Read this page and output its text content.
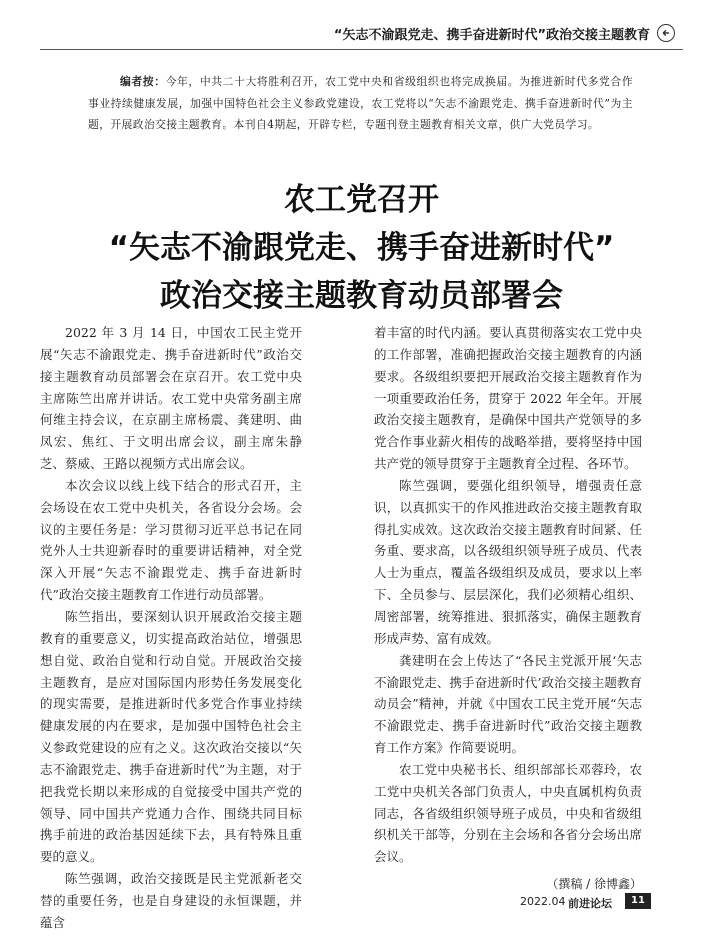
“矢志不渝跟党走、携手奋进新时代”政治交接主题教育
编者按：今年，中共二十大将胜利召开，农工党中央和省级组织也将完成换届。为推进新时代多党合作事业持续健康发展，加强中国特色社会主义参政党建设，农工党将以“矢志不渝跟党走、携手奋进新时代”为主题，开展政治交接主题教育。本刊自4期起，开辟专栏，专题刊登主题教育相关文章，供广大党员学习。
农工党召开
“矢志不渝跟党走、携手奋进新时代”
政治交接主题教育动员部署会

2022 年 3 月 14 日，中国农工民主党开展“矢志不渝跟党走、携手奋进新时代”政治交接主题教育动员部署会在京召开。农工党中央主席陈竺出席并讲话。农工党中央常务副主席何维主持会议，在京副主席杨震、龚建明、曲凤宏、焦红、于文明出席会议，副主席朱静芝、蔡威、王路以视频方式出席会议。

本次会议以线上线下结合的形式召开，主会场设在农工党中央机关，各省设分会场。会议的主要任务是：学习贯彻习近平总书记在同党外人士共迎新春时的重要讲话精神，对全党深入开展“矢志不渝跟党走、携手奋进新时代”政治交接主题教育工作进行动员部署。

陈竺指出，要深刻认识开展政治交接主题教育的重要意义，切实提高政治站位，增强思想自觉、政治自觉和行动自觉。开展政治交接主题教育，是应对国际国内形势任务发展变化的现实需要，是推进新时代多党合作事业持续健康发展的内在要求，是加强中国特色社会主义参政党建设的应有之义。这次政治交接以“矢志不渝跟党走、携手奋进新时代”为主题，对于把我党长期以来形成的自觉接受中国共产党的领导、同中国共产党通力合作、围绕共同目标携手前进的政治基因延续下去，具有特殊且重要的意义。

陈竺强调，政治交接既是民主党派新老交替的重要任务，也是自身建设的永恒课题，并蕴含

着丰富的时代内涵。要认真贯彻落实农工党中央的工作部署，准确把握政治交接主题教育的内涵要求。各级组织要把开展政治交接主题教育作为一项重要政治任务，贯穿于 2022 年全年。开展政治交接主题教育，是确保中国共产党领导的多党合作事业薪火相传的战略举措，要将坚持中国共产党的领导贯穿于主题教育全过程、各环节。

陈竺强调，要强化组织领导，增强责任意识，以真抓实干的作风推进政治交接主题教育取得扎实成效。这次政治交接主题教育时间紧、任务重、要求高，以各级组织领导班子成员、代表人士为重点，覆盖各级组织及成员，要求以上率下、全员参与、层层深化，我们必须精心组织、周密部署，统筹推进、狠抓落实，确保主题教育形成声势、富有成效。

龚建明在会上传达了“各民主党派开展‘矢志不渝跟党走、携手奋进新时代’政治交接主题教育动员会”精神，并就《中国农工民主党开展“矢志不渝跟党走、携手奋进新时代”政治交接主题教育工作方案》作简要说明。

农工党中央秘书长、组织部部长邓蓉玲，农工党中央机关各部门负责人，中央直属机构负责同志，各省级组织领导班子成员，中央和省级组织机关干部等，分别在主会场和各省分会场出席会议。

（撰稿 / 徐博鑫）
2022.04 前进论坛	11
